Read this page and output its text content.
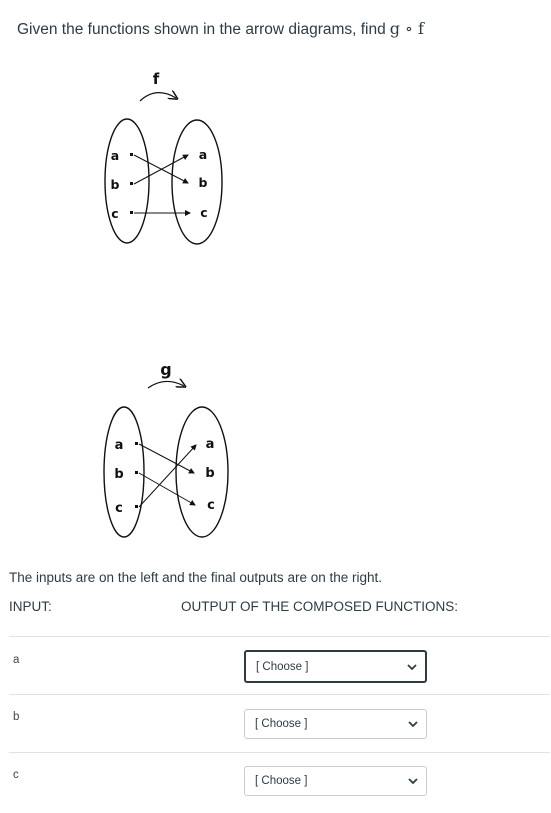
Given the functions shown in the arrow diagrams, find g ∘ f
f
a
b
c
a
b
c
g
a
b
c
a
b
c
The inputs are on the left and the final outputs are on the right.
INPUT:	OUTPUT OF THE COMPOSED FUNCTIONS:
a
[ Choose ]
b
[ Choose ]
c	[ Choose ]
